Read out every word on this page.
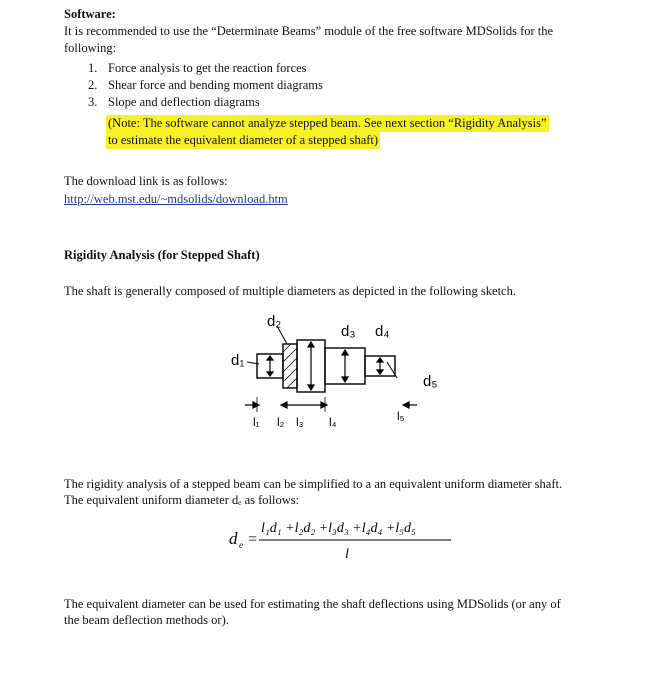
Software:
It is recommended to use the “Determinate Beams” module of the free software MDSolids for the
following:
1. Force analysis to get the reaction forces
2. Shear force and bending moment diagrams
3. Slope and deflection diagrams
(Note: The software cannot analyze stepped beam. See next section “Rigidity Analysis”
to estimate the equivalent diameter of a stepped shaft)
The download link is as follows:
http://web.mst.edu/~mdsolids/download.htm
Rigidity Analysis (for Stepped Shaft)
The shaft is generally composed of multiple diameters as depicted in the following sketch.
d₁
d₂
d₃ d₄
d₅
l₁ l₂ l₃ l₄	l₅
The rigidity analysis of a stepped beam can be simplified to a an equivalent uniform diameter shaft.
The equivalent uniform diameter dₑ as follows:
d e =
l₁d₁ +l₂d₂ +l₃d₃ +l₄d₄ +l₅d₅
l
The equivalent diameter can be used for estimating the shaft deflections using MDSolids (or any of
the beam deflection methods or).
